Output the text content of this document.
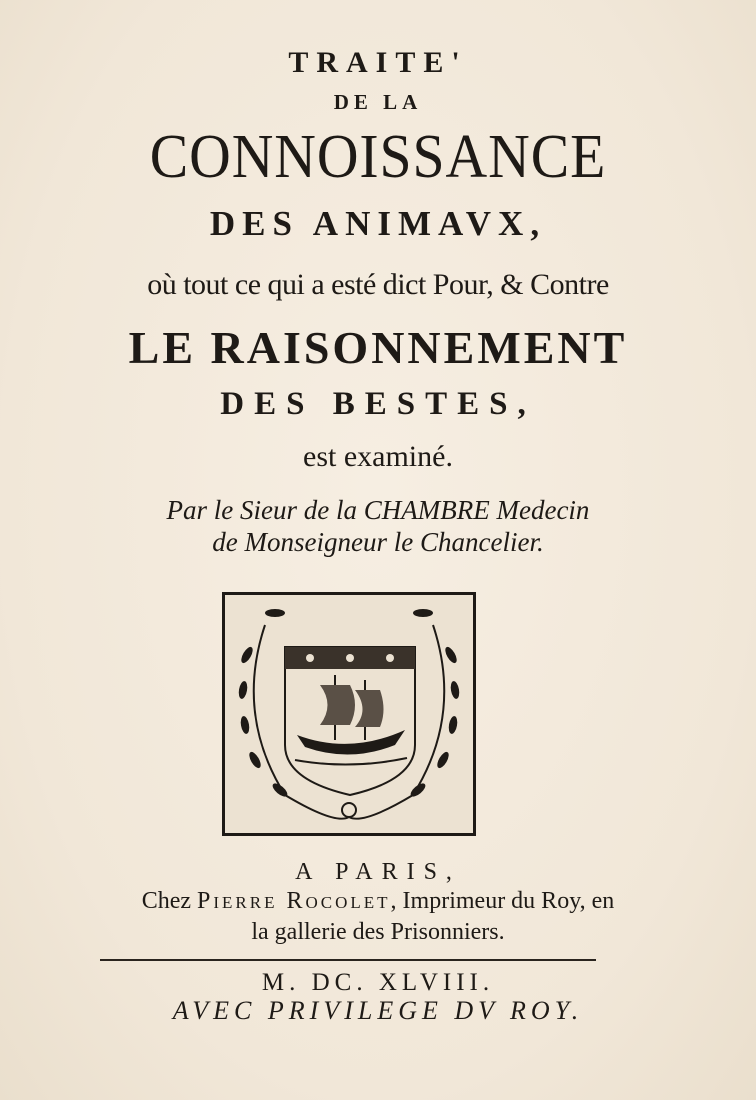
TRAITE'
DE LA
CONNOISSANCE
DES ANIMAVX,
où tout ce qui a esté dict Pour, & Contre
LE RAISONNEMENT
DES BESTES,
est examiné.
Par le Sieur de la CHAMBRE Medecin
de Monseigneur le Chancelier.
A PARIS,
Chez Pierre Rocolet, Imprimeur du Roy, en
la gallerie des Prisonniers.
M. DC. XLVIII.
AVEC PRIVILEGE DV ROY.
